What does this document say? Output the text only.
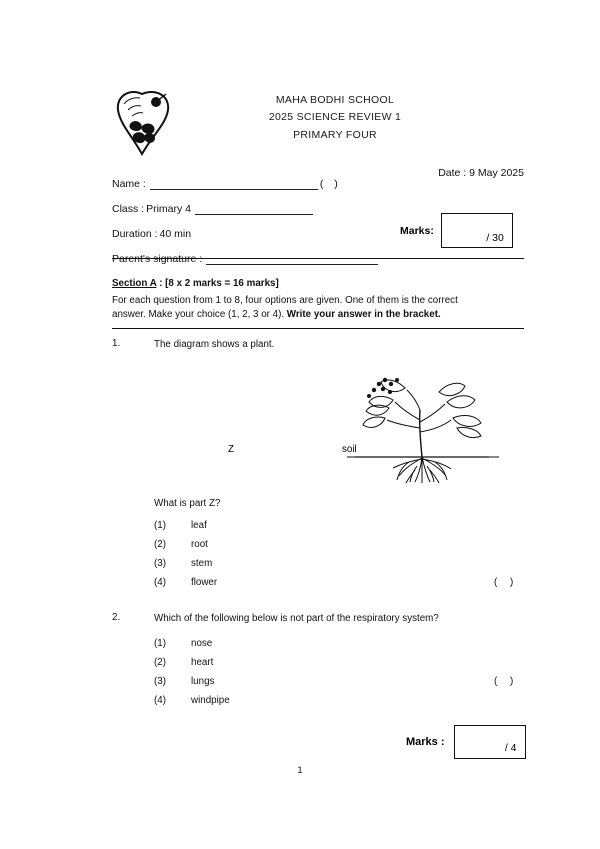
MAHA BODHI SCHOOL
2025 SCIENCE REVIEW 1
PRIMARY FOUR
Date : 9 May 2025
Name :	( )
Class : Primary 4
Duration : 40 min
Parent's signature :
Marks:
/ 30
Section A : [8 x 2 marks = 16 marks]
For each question from 1 to 8, four options are given. One of them is the correct
answer. Make your choice (1, 2, 3 or 4). Write your answer in the bracket.
1.	The diagram shows a plant.
What is part Z?
(1)	leaf
(2)	root
(3)	stem
(4)	flower	( )
Z	soil
2.	Which of the following below is not part of the respiratory system?
(1)	nose
(2)	heart
(3)	lungs	( )
(4)	windpipe
Marks :	/ 4
1
